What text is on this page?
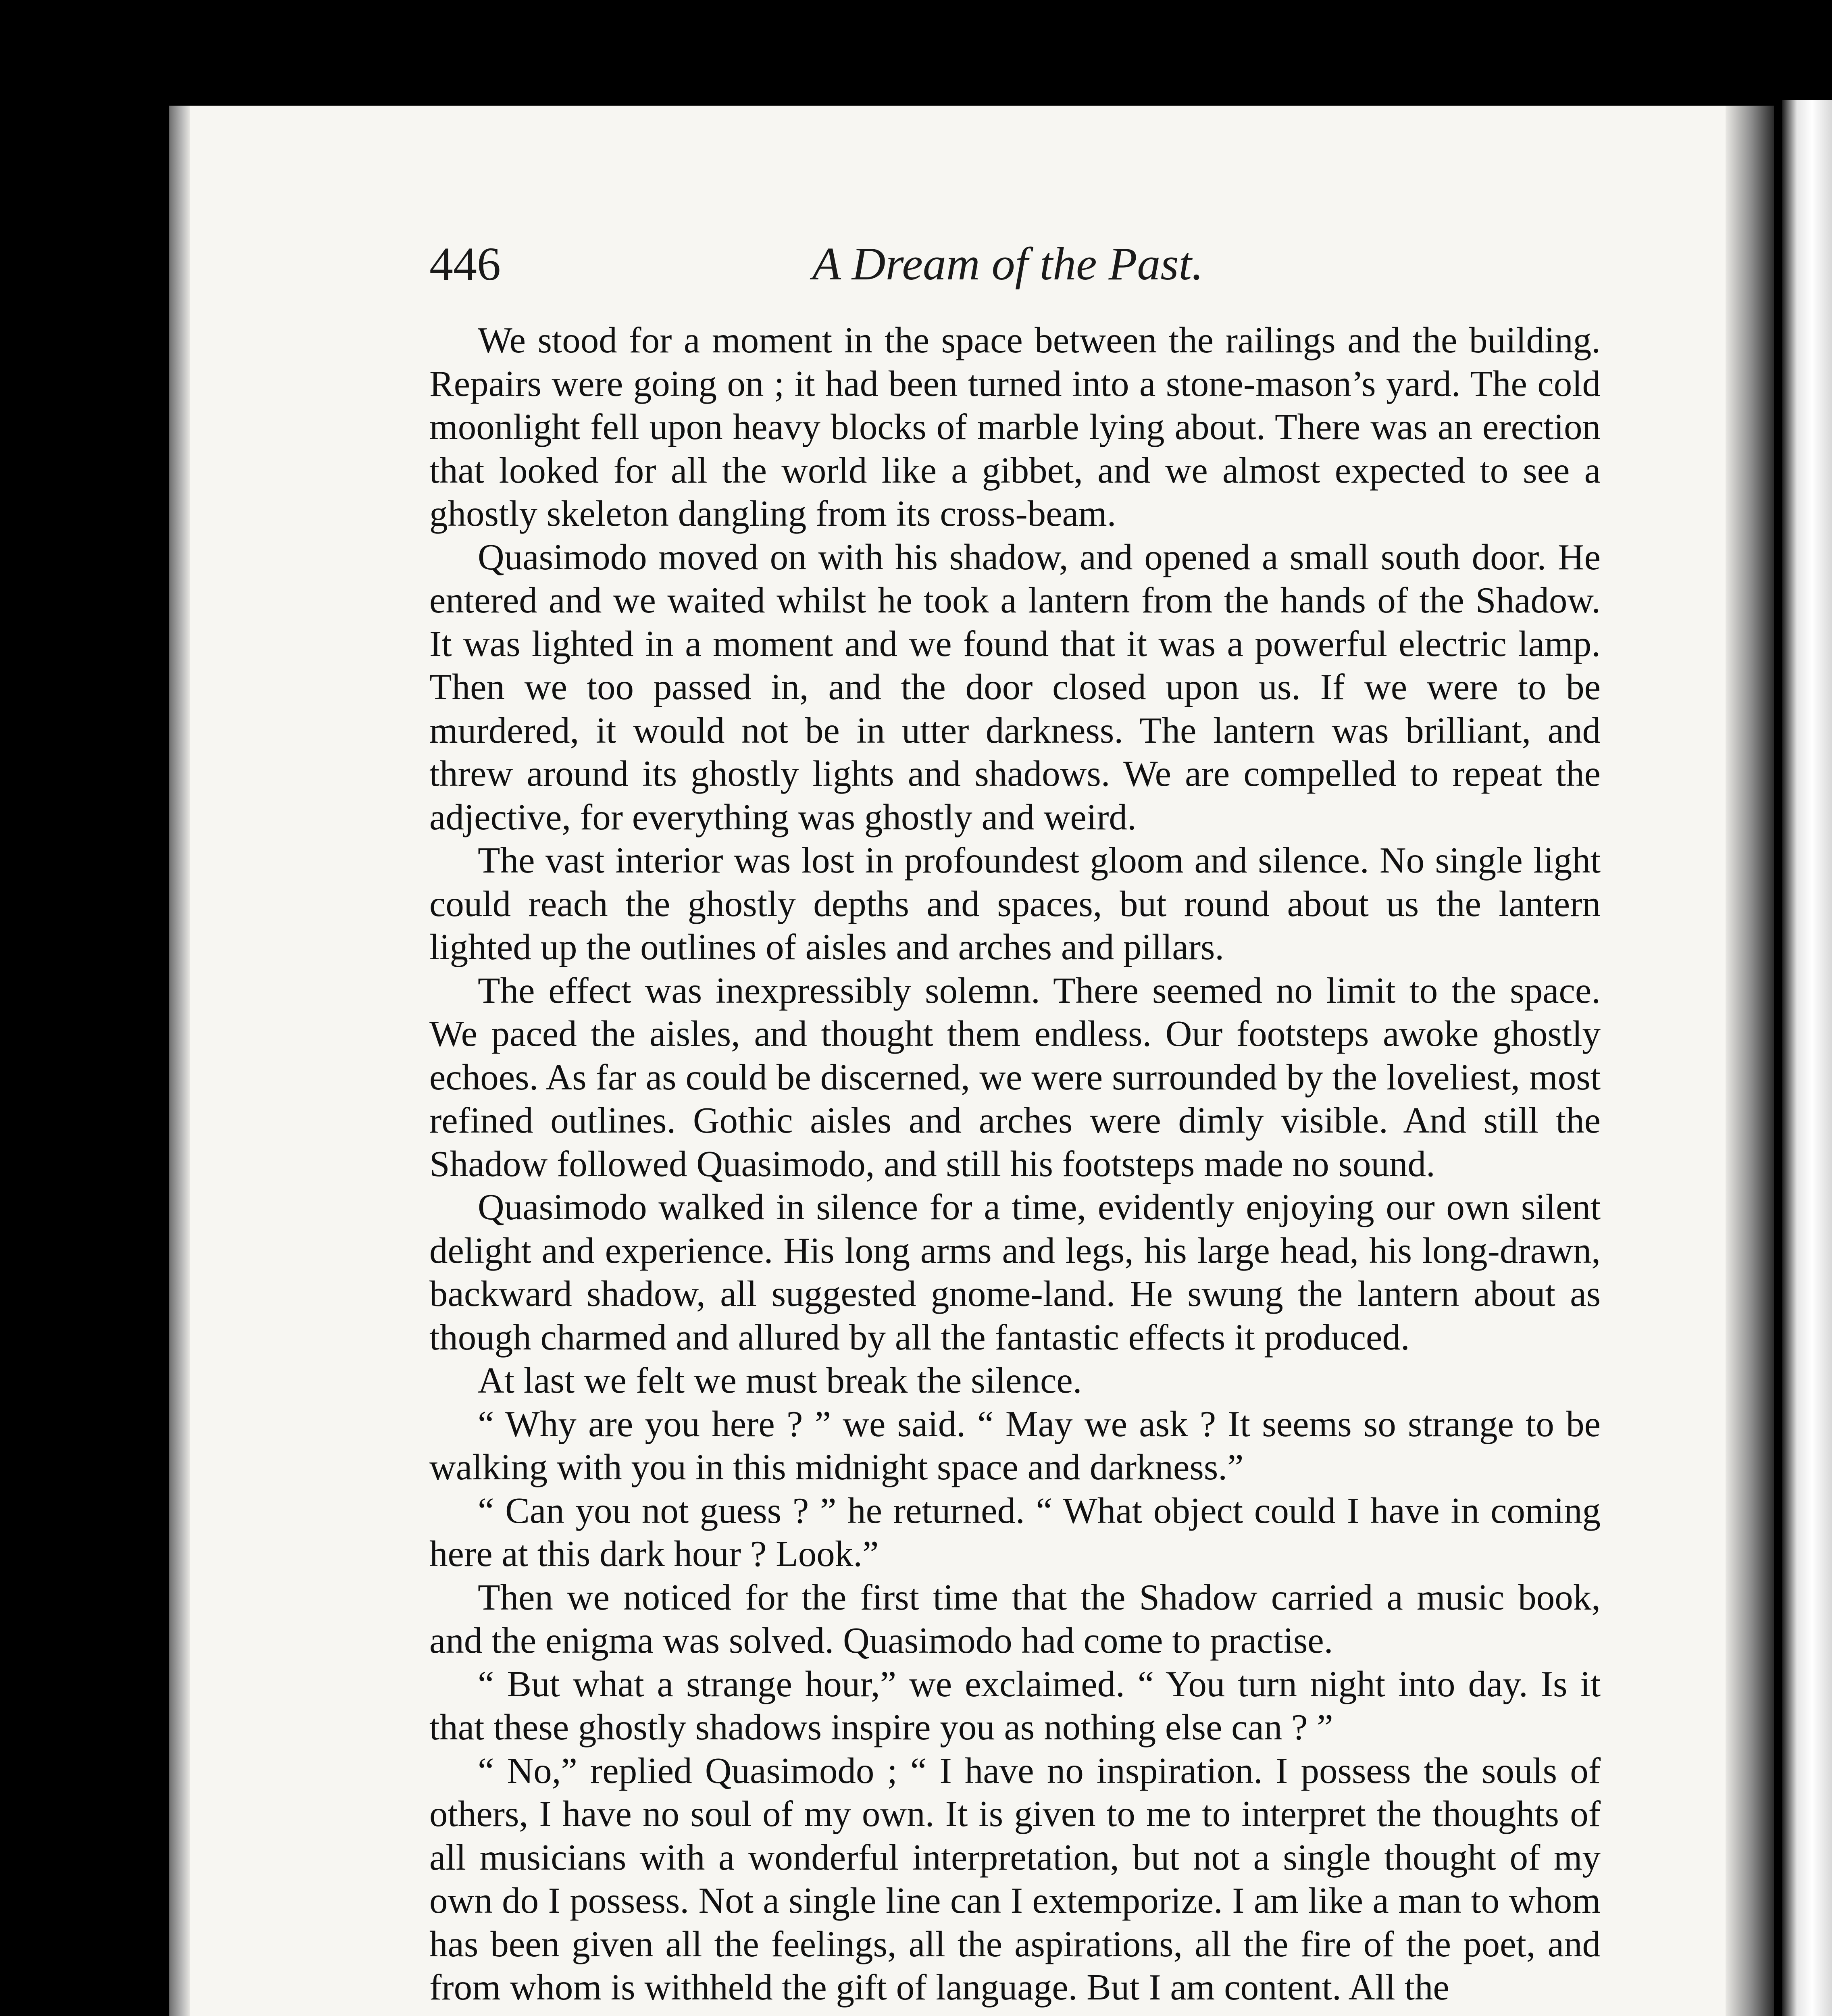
446	A Dream of the Past.

We stood for a moment in the space between the railings and the building. Repairs were going on ; it had been turned into a stone-mason’s yard. The cold moonlight fell upon heavy blocks of marble lying about. There was an erection that looked for all the world like a gibbet, and we almost expected to see a ghostly skeleton dangling from its cross-beam.

Quasimodo moved on with his shadow, and opened a small south door. He entered and we waited whilst he took a lantern from the hands of the Shadow. It was lighted in a moment and we found that it was a powerful electric lamp. Then we too passed in, and the door closed upon us. If we were to be murdered, it would not be in utter darkness. The lantern was brilliant, and threw around its ghostly lights and shadows. We are compelled to repeat the adjective, for everything was ghostly and weird.

The vast interior was lost in profoundest gloom and silence. No single light could reach the ghostly depths and spaces, but round about us the lantern lighted up the outlines of aisles and arches and pillars.

The effect was inexpressibly solemn. There seemed no limit to the space. We paced the aisles, and thought them endless. Our footsteps awoke ghostly echoes. As far as could be discerned, we were surrounded by the loveliest, most refined outlines. Gothic aisles and arches were dimly visible. And still the Shadow followed Quasimodo, and still his footsteps made no sound.

Quasimodo walked in silence for a time, evidently enjoying our own silent delight and experience. His long arms and legs, his large head, his long-drawn, backward shadow, all suggested gnome-land. He swung the lantern about as though charmed and allured by all the fantastic effects it produced.

At last we felt we must break the silence.

“ Why are you here ? ” we said. “ May we ask ? It seems so strange to be walking with you in this midnight space and darkness.”

“ Can you not guess ? ” he returned. “ What object could I have in coming here at this dark hour ? Look.”

Then we noticed for the first time that the Shadow carried a music book, and the enigma was solved. Quasimodo had come to practise.

“ But what a strange hour,” we exclaimed. “ You turn night into day. Is it that these ghostly shadows inspire you as nothing else can ? ”

“ No,” replied Quasimodo ; “ I have no inspiration. I possess the souls of others, I have no soul of my own. It is given to me to interpret the thoughts of all musicians with a wonderful interpretation, but not a single thought of my own do I possess. Not a single line can I extemporize. I am like a man to whom has been given all the feelings, all the aspirations, all the fire of the poet, and from whom is withheld the gift of language. But I am content. All the
